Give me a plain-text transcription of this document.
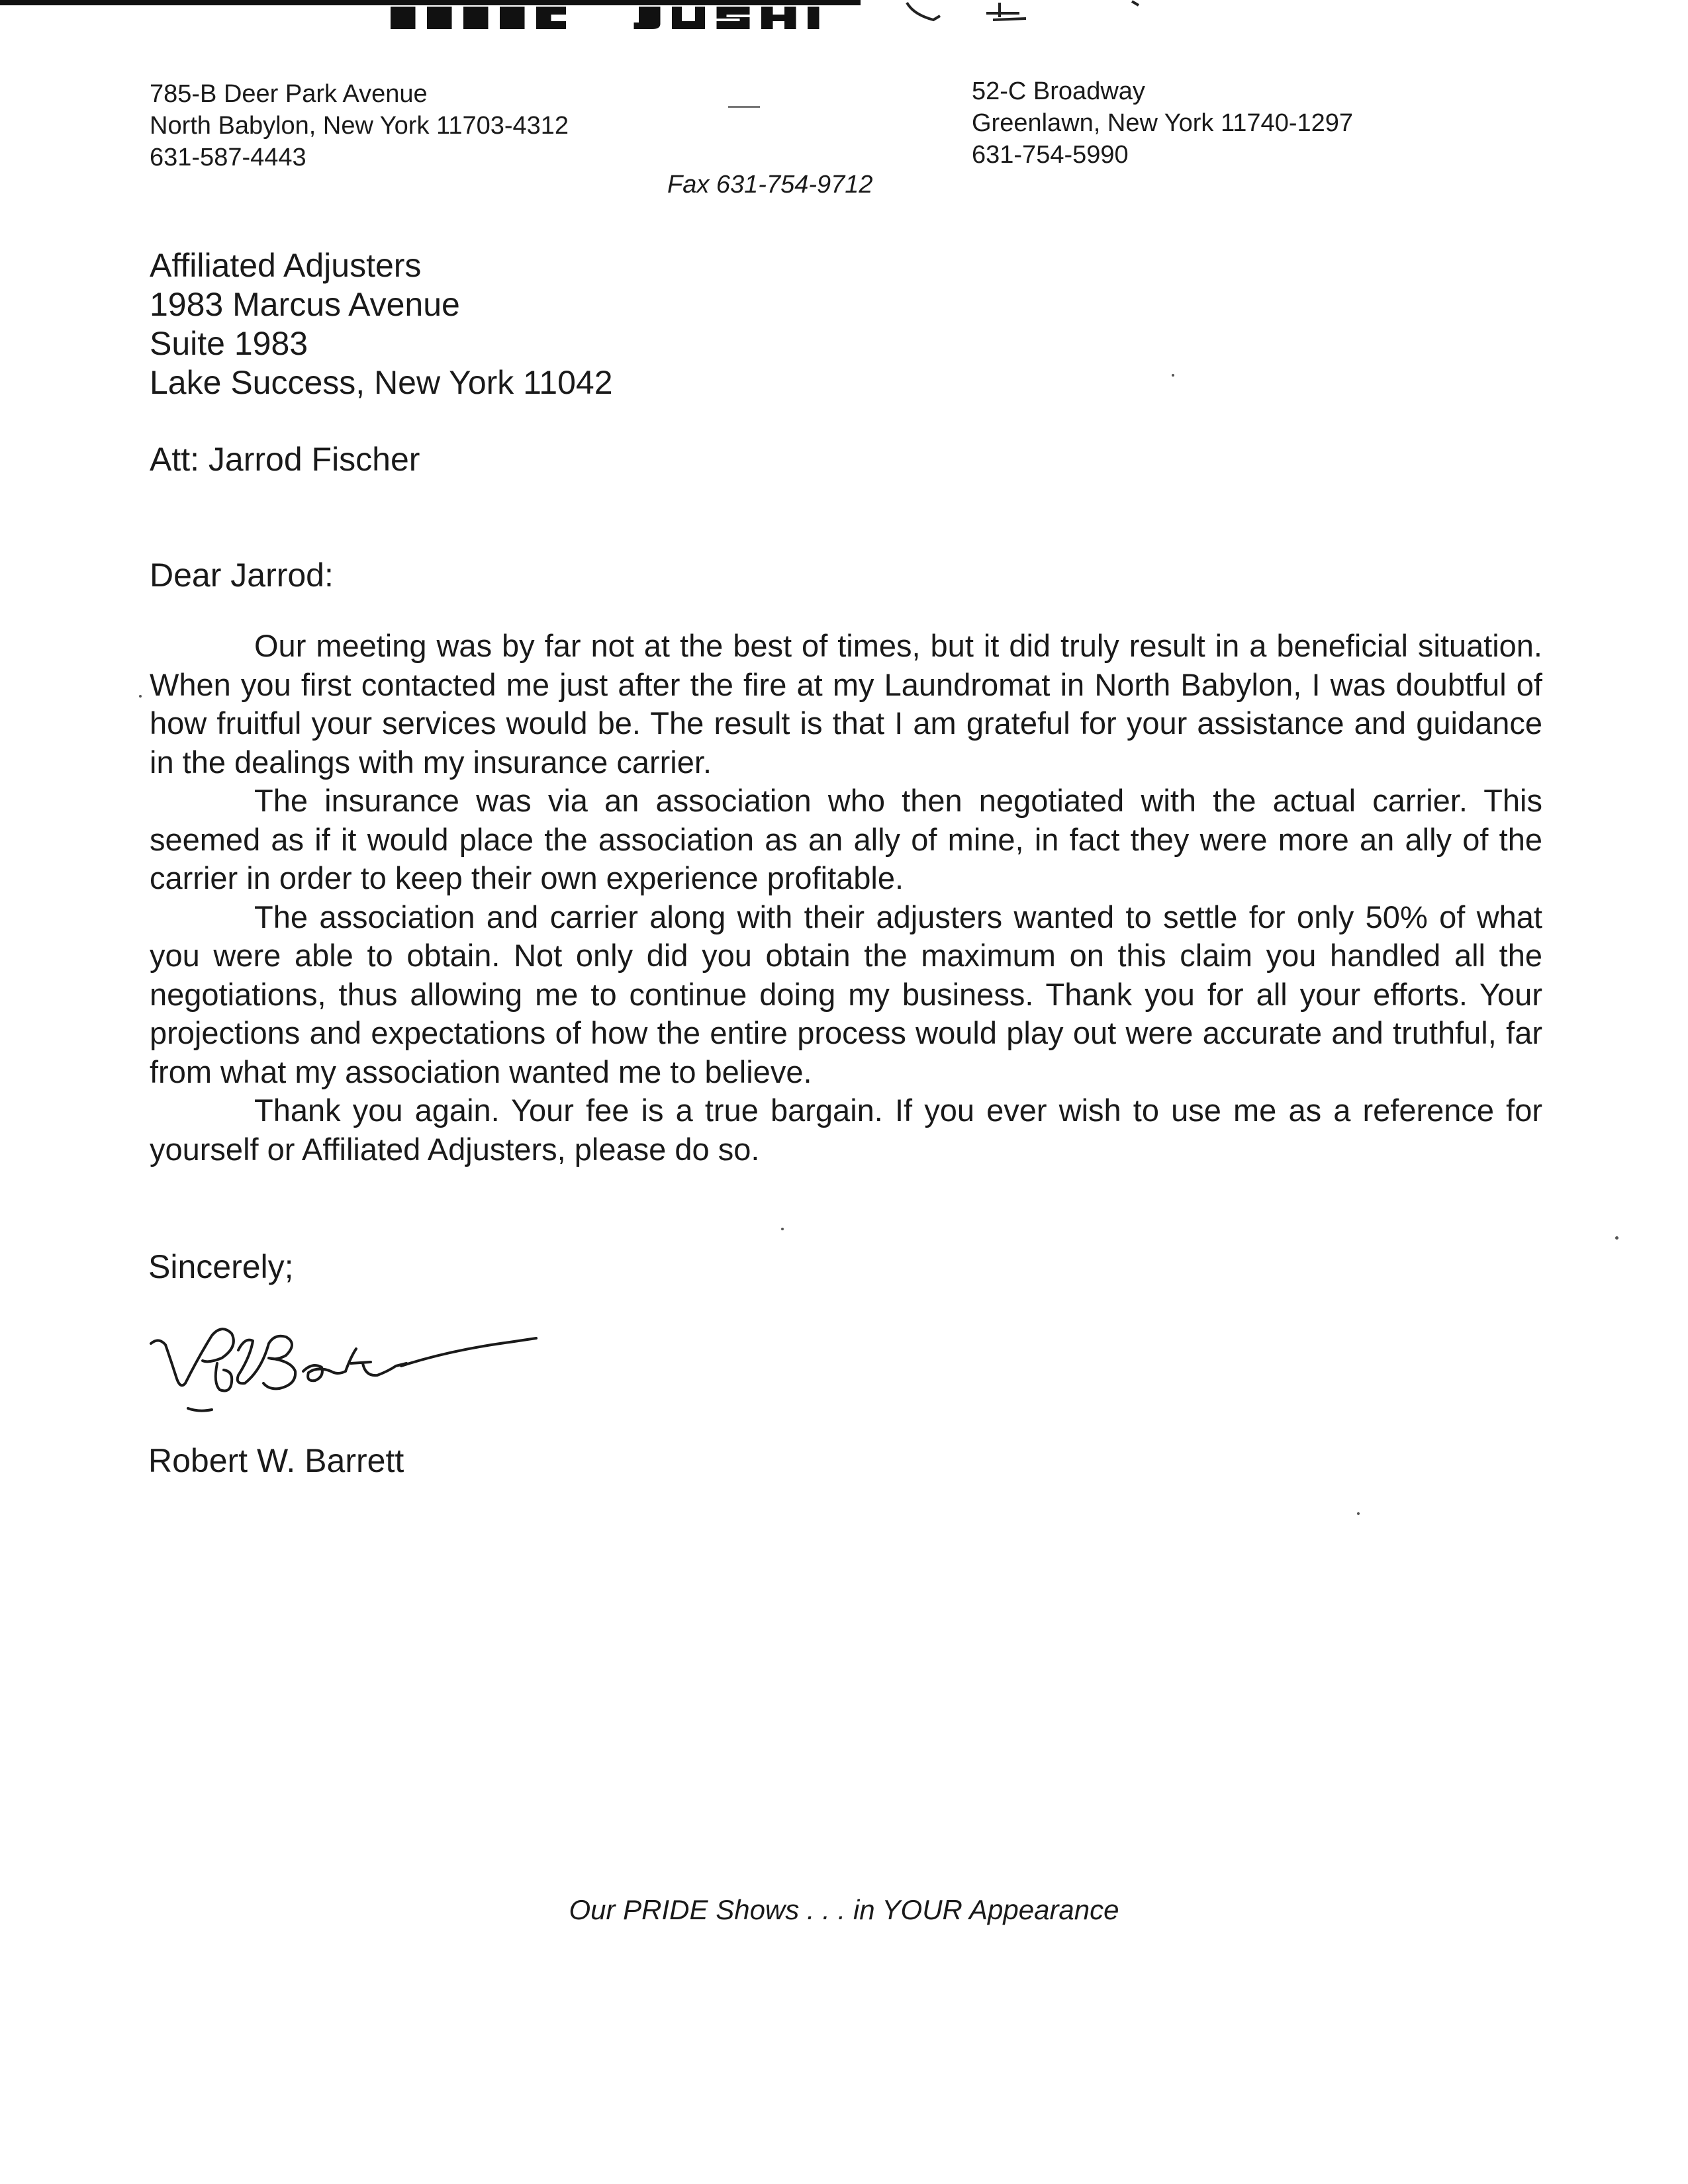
785-B Deer Park Avenue
North Babylon, New York 11703-4312
631-587-4443
52-C Broadway
Greenlawn, New York 11740-1297
631-754-5990
Fax 631-754-9712
Affiliated Adjusters
1983 Marcus Avenue
Suite 1983
Lake Success, New York 11042
Att: Jarrod Fischer
Dear Jarrod:

Our meeting was by far not at the best of times, but it did truly result in a beneficial situation. When you first contacted me just after the fire at my Laundromat in North Babylon, I was doubtful of how fruitful your services would be. The result is that I am grateful for your assistance and guidance in the dealings with my insurance carrier.

The insurance was via an association who then negotiated with the actual carrier. This seemed as if it would place the association as an ally of mine, in fact they were more an ally of the carrier in order to keep their own experience profitable.

The association and carrier along with their adjusters wanted to settle for only 50% of what you were able to obtain. Not only did you obtain the maximum on this claim you handled all the negotiations, thus allowing me to continue doing my business. Thank you for all your efforts. Your projections and expectations of how the entire process would play out were accurate and truthful, far from what my association wanted me to believe.

Thank you again. Your fee is a true bargain. If you ever wish to use me as a reference for yourself or Affiliated Adjusters, please do so.

Sincerely;
Robert W. Barrett
Our PRIDE Shows . . . in YOUR Appearance
